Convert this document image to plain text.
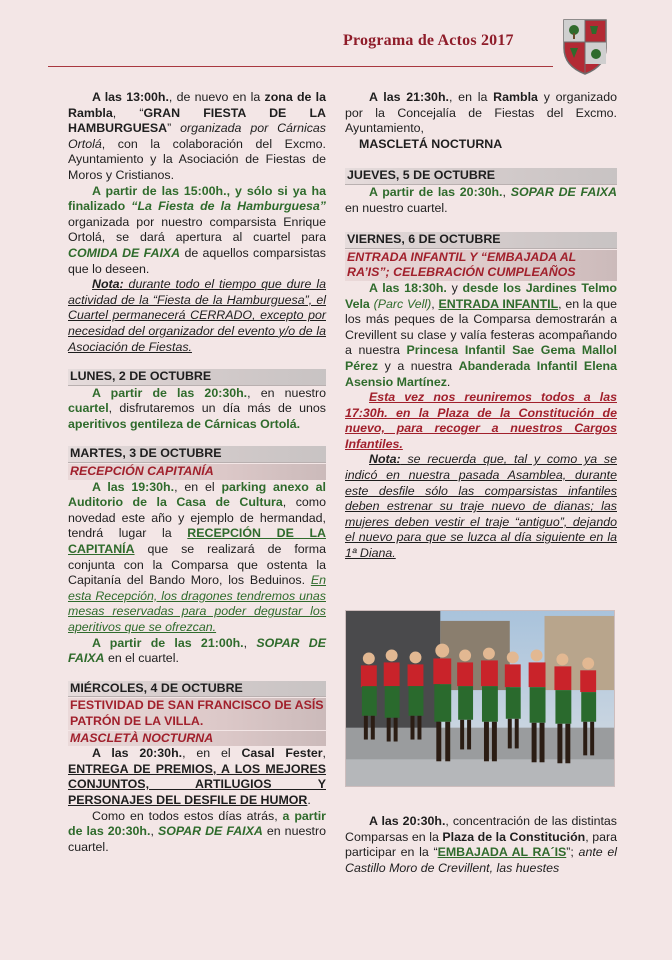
Programa de Actos 2017

A las 13:00h., de nuevo en la zona de la Rambla, “GRAN FIESTA DE LA HAMBURGUESA” organizada por Cárnicas Ortolá, con la colaboración del Excmo. Ayuntamiento y la Asociación de Fiestas de Moros y Cristianos.

A partir de las 15:00h., y sólo si ya ha finalizado “La Fiesta de la Hamburguesa” organizada por nuestro comparsista Enrique Ortolá, se dará apertura al cuartel para COMIDA DE FAIXA de aquellos comparsistas que lo deseen.

Nota: durante todo el tiempo que dure la actividad de la “Fiesta de la Hamburguesa”, el Cuartel permanecerá CERRADO, excepto por necesidad del organizador del evento y/o de la Asociación de Fiestas.

LUNES, 2 DE OCTUBRE

A partir de las 20:30h., en nuestro cuartel, disfrutaremos un día más de unos aperitivos gentileza de Cárnicas Ortolá.

MARTES, 3 DE OCTUBRE
RECEPCIÓN CAPITANÍA

A las 19:30h., en el parking anexo al Auditorio de la Casa de Cultura, como novedad este año y ejemplo de hermandad, tendrá lugar la RECEPCIÓN DE LA CAPITANÍA que se realizará de forma conjunta con la Comparsa que ostenta la Capitanía del Bando Moro, los Beduinos. En esta Recepción, los dragones tendremos unas mesas reservadas para poder degustar los aperitivos que se ofrezcan.

A partir de las 21:00h., SOPAR DE FAIXA en el cuartel.

MIÉRCOLES, 4 DE OCTUBRE
FESTIVIDAD DE SAN FRANCISCO DE ASÍS PATRÓN DE LA VILLA.
MASCLETÀ NOCTURNA

A las 20:30h., en el Casal Fester, ENTREGA DE PREMIOS, A LOS MEJORES CONJUNTOS, ARTILUGIOS Y PERSONAJES DEL DESFILE DE HUMOR.

Como en todos estos días atrás, a partir de las 20:30h., SOPAR DE FAIXA en nuestro cuartel.

A las 21:30h., en la Rambla y organizado por la Concejalía de Fiestas del Excmo. Ayuntamiento,

MASCLETÁ NOCTURNA
JUEVES, 5 DE OCTUBRE

A partir de las 20:30h., SOPAR DE FAIXA en nuestro cuartel.

VIERNES, 6 DE OCTUBRE
ENTRADA INFANTIL Y “EMBAJADA AL RA’IS”; CELEBRACIÓN CUMPLEAÑOS

A las 18:30h. y desde los Jardines Telmo Vela (Parc Vell), ENTRADA INFANTIL, en la que los más peques de la Comparsa demostrarán a Crevillent su clase y valía festeras acompañando a nuestra Princesa Infantil Sae Gema Mallol Pérez y a nuestra Abanderada Infantil Elena Asensio Martínez.

Esta vez nos reuniremos todos a las 17:30h. en la Plaza de la Constitución de nuevo, para recoger a nuestros Cargos Infantiles.

Nota: se recuerda que, tal y como ya se indicó en nuestra pasada Asamblea, durante este desfile sólo las comparsistas infantiles deben estrenar su traje nuevo de dianas; las mujeres deben vestir el traje “antiguo”, dejando el nuevo para que se luzca al día siguiente en la 1ª Diana.

A las 20:30h., concentración de las distintas Comparsas en la Plaza de la Constitución, para participar en la “EMBAJADA AL RA´IS”; ante el Castillo Moro de Crevillent, las huestes
